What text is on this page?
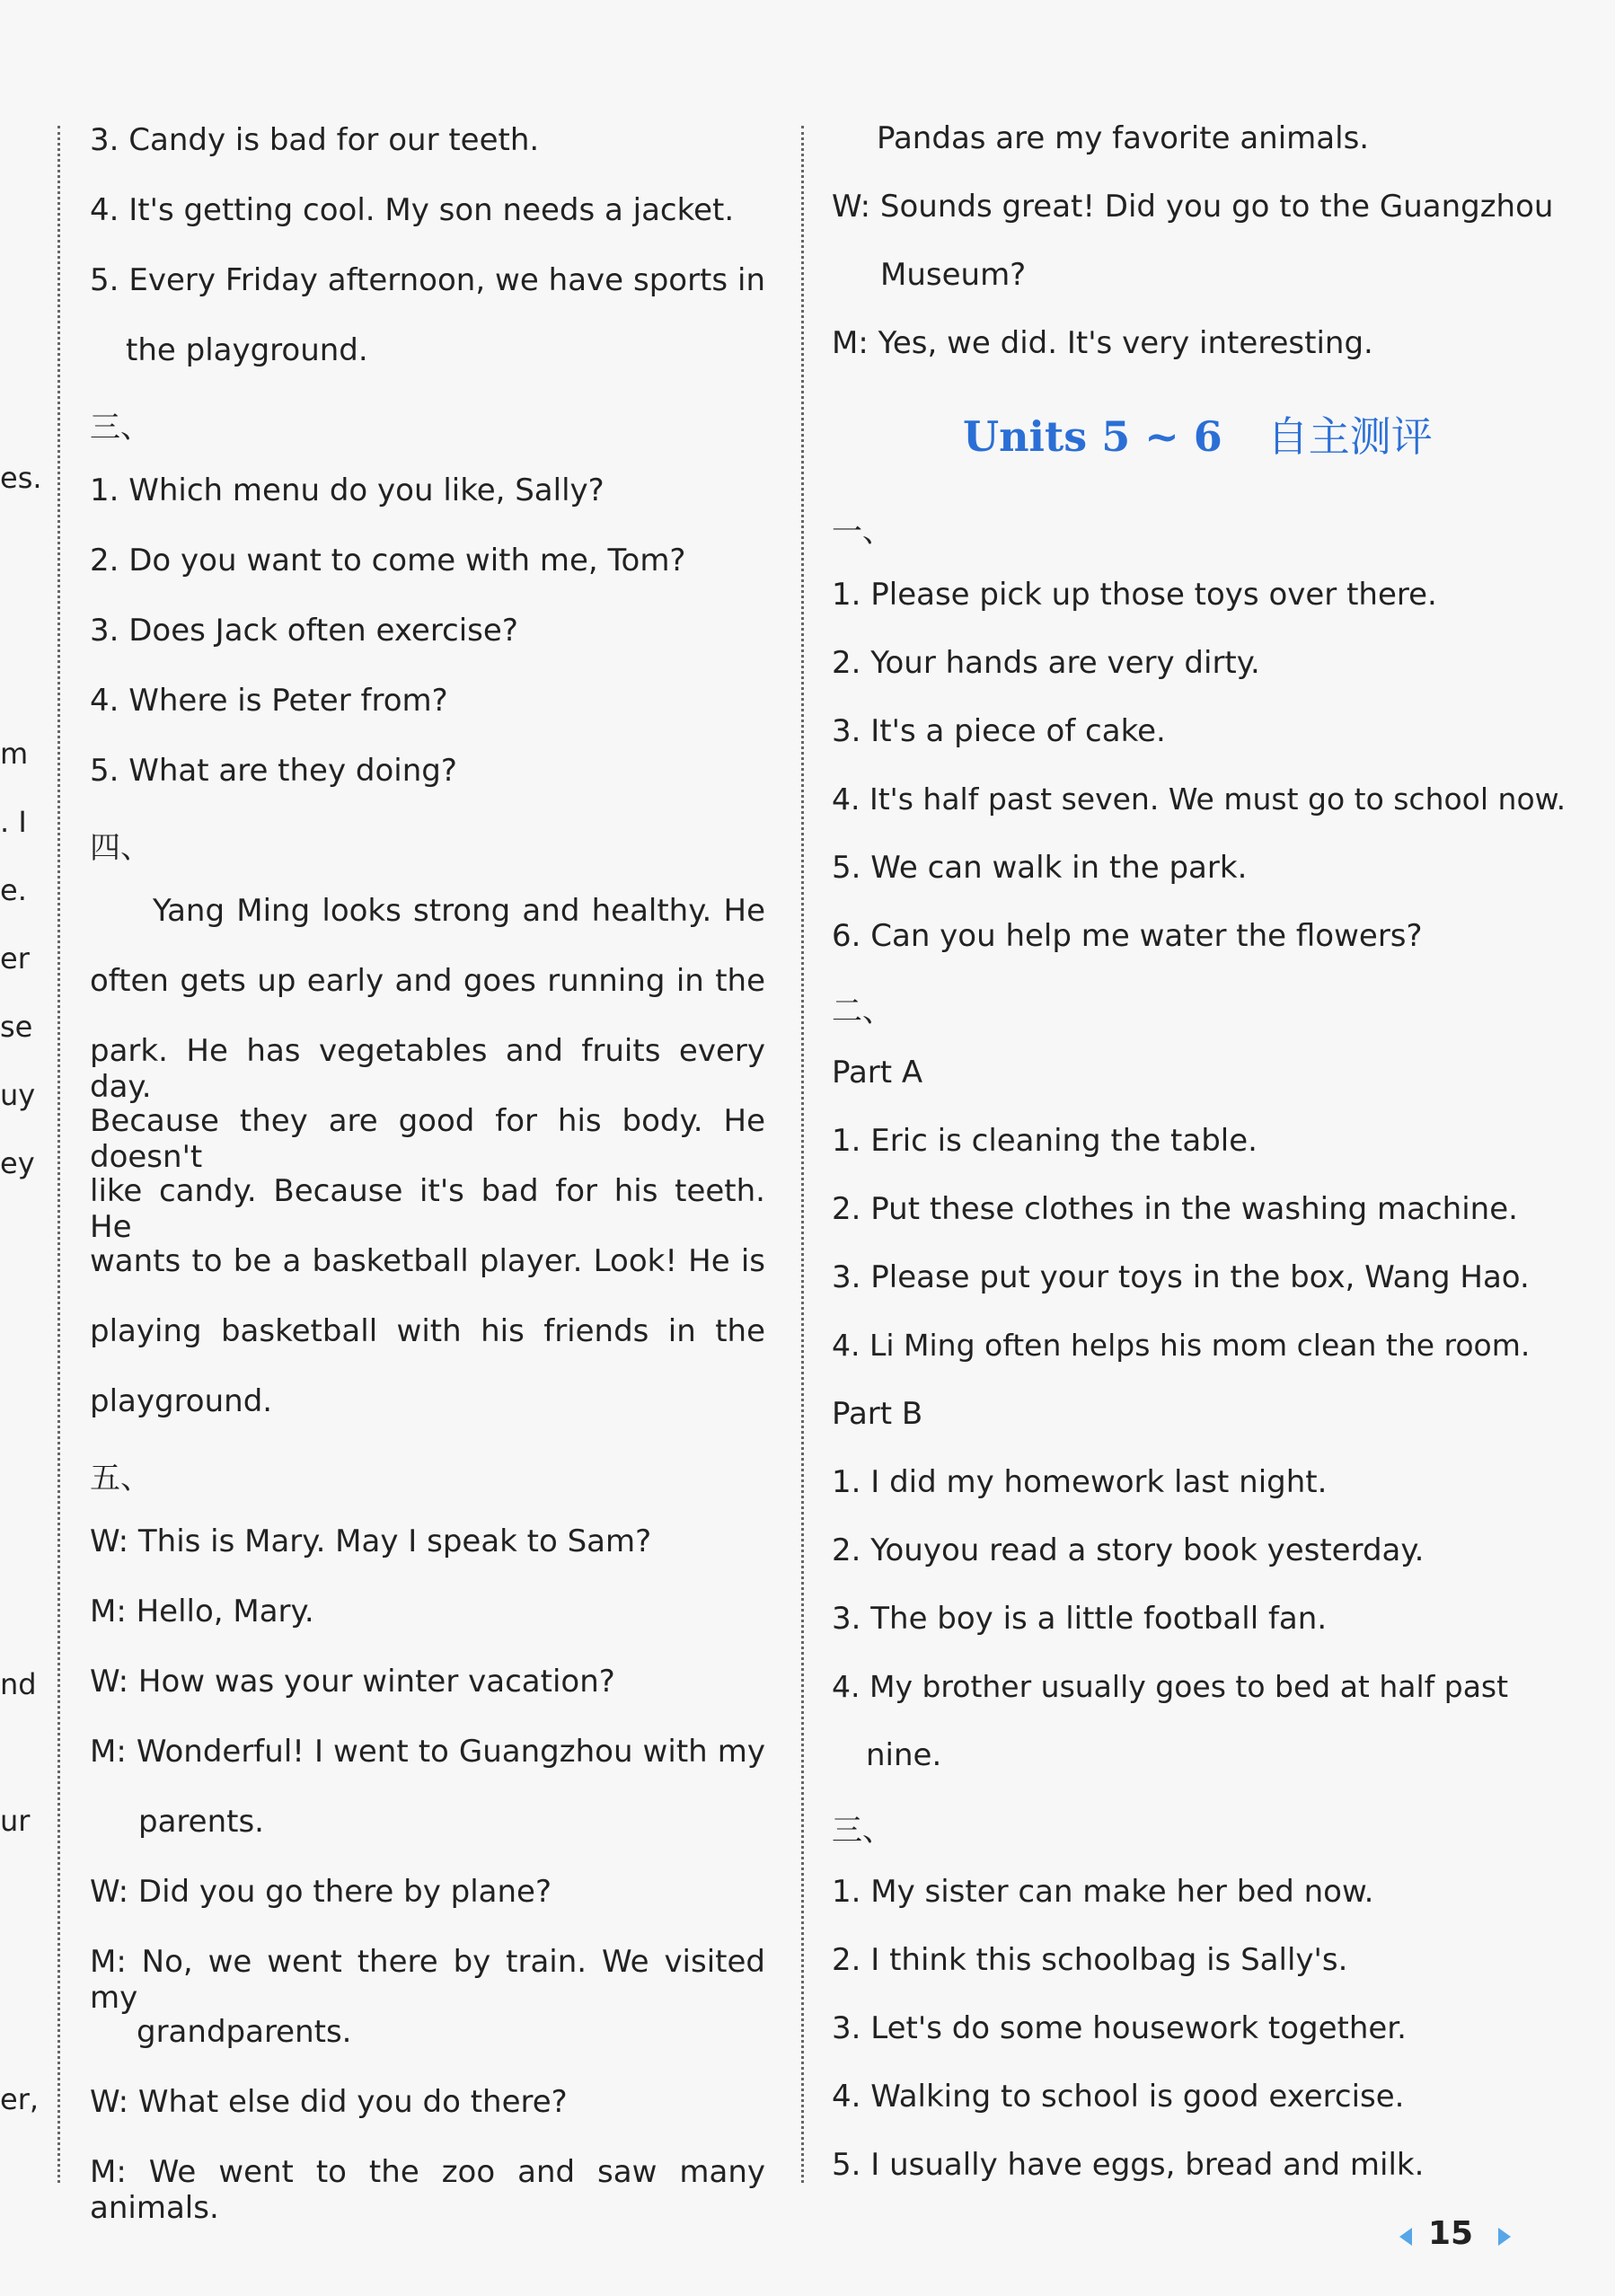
es.
m
. I
e.
er
se
uy
ey
nd
ur
er,
3. Candy is bad for our teeth.
4. It's getting cool. My son needs a jacket.
5. Every Friday afternoon, we have sports in
the playground.
三、
1. Which menu do you like, Sally?
2. Do you want to come with me, Tom?
3. Does Jack often exercise?
4. Where is Peter from?
5. What are they doing?
四、
Yang Ming looks strong and healthy. He
often gets up early and goes running in the
park. He has vegetables and fruits every day.
Because they are good for his body. He doesn't
like candy. Because it's bad for his teeth. He
wants to be a basketball player. Look! He is
playing basketball with his friends in the
playground.
五、
W: This is Mary. May I speak to Sam?
M: Hello, Mary.
W: How was your winter vacation?
M: Wonderful! I went to Guangzhou with my
parents.
W: Did you go there by plane?
M: No, we went there by train. We visited my
grandparents.
W: What else did you do there?
M: We went to the zoo and saw many animals.
Pandas are my favorite animals.
W: Sounds great! Did you go to the Guangzhou
Museum?
M: Yes, we did. It's very interesting.
Units 5 ~ 6 自主测评
一、
1. Please pick up those toys over there.
2. Your hands are very dirty.
3. It's a piece of cake.
4. It's half past seven. We must go to school now.
5. We can walk in the park.
6. Can you help me water the flowers?
二、
Part A
1. Eric is cleaning the table.
2. Put these clothes in the washing machine.
3. Please put your toys in the box, Wang Hao.
4. Li Ming often helps his mom clean the room.
Part B
1. I did my homework last night.
2. Youyou read a story book yesterday.
3. The boy is a little football fan.
4. My brother usually goes to bed at half past
nine.
三、
1. My sister can make her bed now.
2. I think this schoolbag is Sally's.
3. Let's do some housework together.
4. Walking to school is good exercise.
5. I usually have eggs, bread and milk.
15
